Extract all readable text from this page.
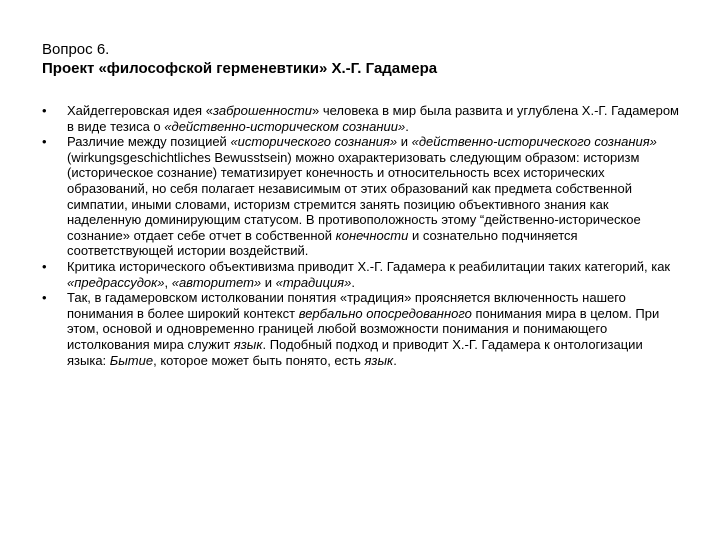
Вопрос 6.

Проект «философской герменевтики» Х.-Г. Гадамера

•	Хайдеггеровская идея «заброшенности» человека в мир была развита и углублена Х.-Г. Гадамером в виде тезиса о «действенно-историческом сознании».
•	Различие между позицией «исторического сознания» и «действенно-исторического сознания» (wirkungsgeschichtliches Bewusstsein) можно охарактеризовать следующим образом: историзм (историческое сознание) тематизирует конечность и относительность всех исторических образований, но себя полагает независимым от этих образований как предмета собственной симпатии, иными словами, историзм стремится занять позицию объективного знания как наделенную доминирующим статусом. В противоположность этому “действенно-историческое сознание» отдает себе отчет в собственной конечности и сознательно подчиняется соответствующей истории воздействий.
•	Критика исторического объективизма приводит Х.-Г. Гадамера к реабилитации таких категорий, как «предрассудок», «авторитет» и «традиция».
•	Так, в гадамеровском истолковании понятия «традиция» проясняется включенность нашего понимания в более широкий контекст вербально опосредованного понимания мира в целом. При этом, основой и одновременно границей любой возможности понимания и понимающего истолкования мира служит язык. Подобный подход и приводит Х.-Г. Гадамера к онтологизации языка: Бытие, которое может быть понято, есть язык.
